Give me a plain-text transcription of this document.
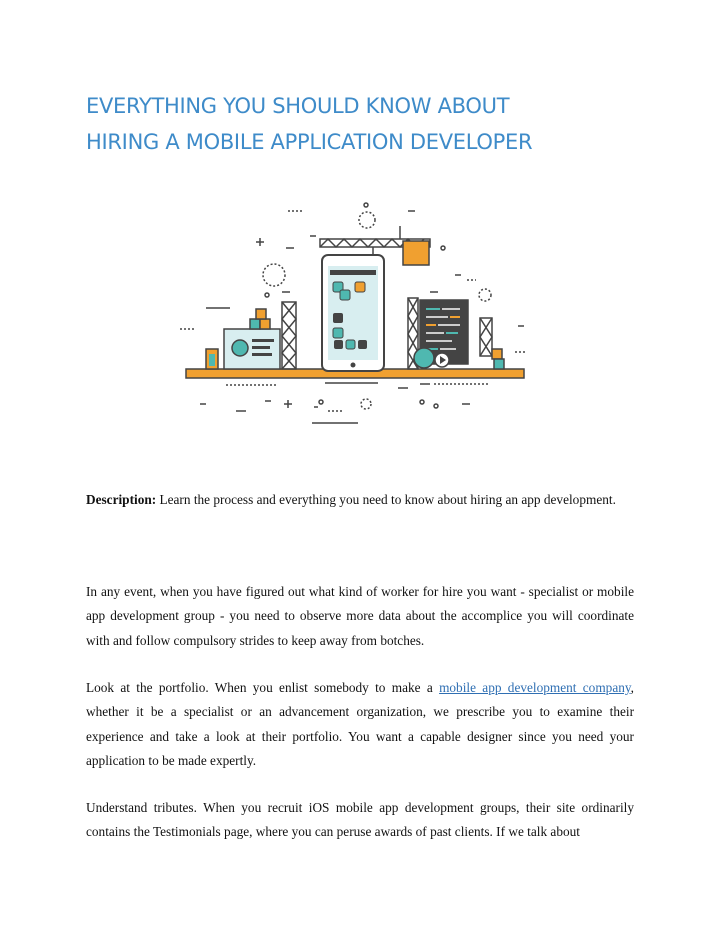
EVERYTHING YOU SHOULD KNOW ABOUT
HIRING A MOBILE APPLICATION DEVELOPER

Description: Learn the process and everything you need to know about hiring an app development.

In any event, when you have figured out what kind of worker for hire you want - specialist or mobile app development group - you need to observe more data about the accomplice you will coordinate with and follow compulsory strides to keep away from botches.

Look at the portfolio. When you enlist somebody to make a mobile app development company, whether it be a specialist or an advancement organization, we prescribe you to examine their experience and take a look at their portfolio. You want a capable designer since you need your application to be made expertly.

Understand tributes. When you recruit iOS mobile app development groups, their site ordinarily contains the Testimonials page, where you can peruse awards of past clients. If we talk about
